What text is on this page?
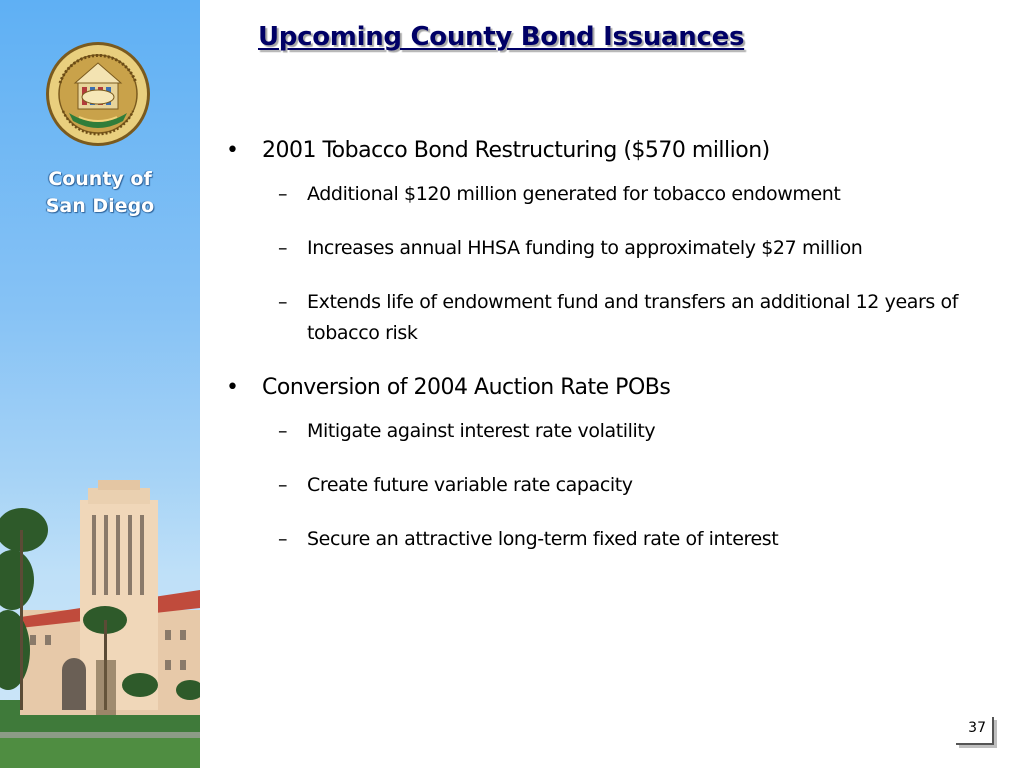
County of
San Diego
Upcoming County Bond Issuances
• 2001 Tobacco Bond Restructuring ($570 million)
– Additional $120 million generated for tobacco endowment
– Increases annual HHSA funding to approximately $27 million
– Extends life of endowment fund and transfers an additional 12 years of tobacco risk
• Conversion of 2004 Auction Rate POBs
– Mitigate against interest rate volatility
– Create future variable rate capacity
– Secure an attractive long-term fixed rate of interest
37
